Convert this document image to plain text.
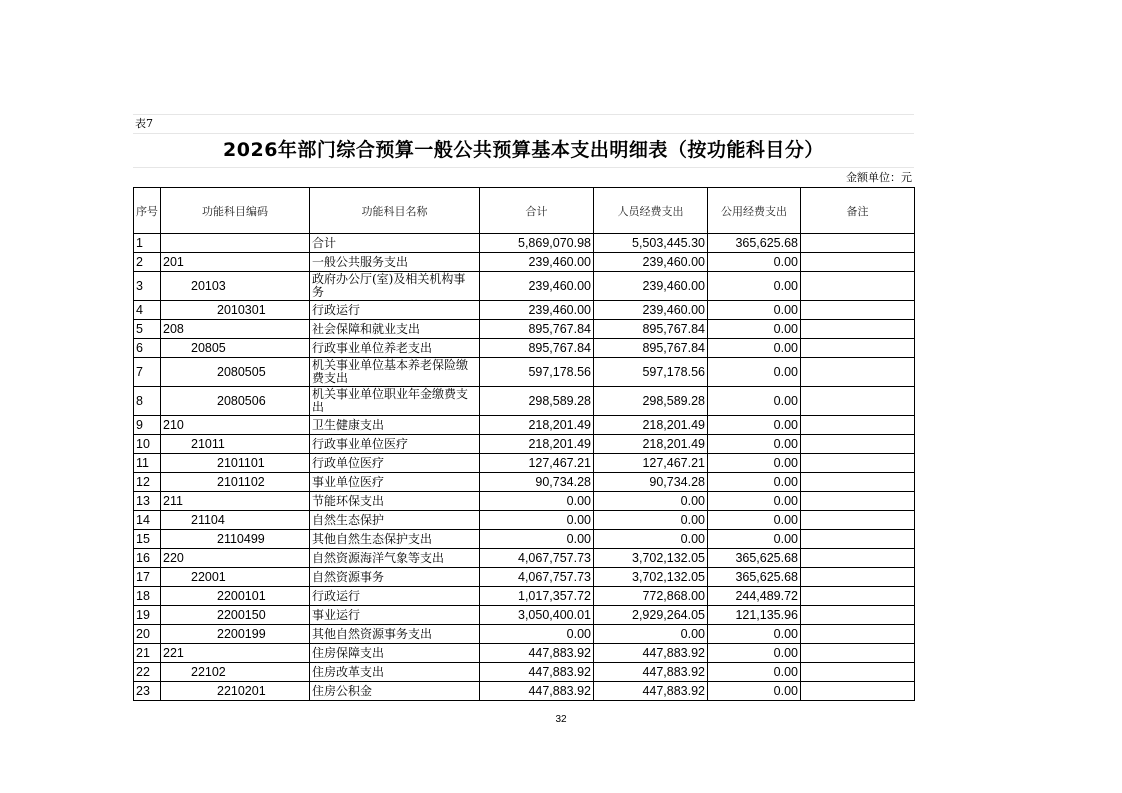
表7
2026年部门综合预算一般公共预算基本支出明细表（按功能科目分）
金额单位：元
序号	功能科目编码	功能科目名称	合计	人员经费支出	公用经费支出	备注
1		合计	5,869,070.98	5,503,445.30	365,625.68	
2	201	一般公共服务支出	239,460.00	239,460.00	0.00	
3	20103	政府办公厅(室)及相关机构事务	239,460.00	239,460.00	0.00	
4	2010301	行政运行	239,460.00	239,460.00	0.00	
5	208	社会保障和就业支出	895,767.84	895,767.84	0.00	
6	20805	行政事业单位养老支出	895,767.84	895,767.84	0.00	
7	2080505	机关事业单位基本养老保险缴费支出	597,178.56	597,178.56	0.00	
8	2080506	机关事业单位职业年金缴费支出	298,589.28	298,589.28	0.00	
9	210	卫生健康支出	218,201.49	218,201.49	0.00	
10	21011	行政事业单位医疗	218,201.49	218,201.49	0.00	
11	2101101	行政单位医疗	127,467.21	127,467.21	0.00	
12	2101102	事业单位医疗	90,734.28	90,734.28	0.00	
13	211	节能环保支出	0.00	0.00	0.00	
14	21104	自然生态保护	0.00	0.00	0.00	
15	2110499	其他自然生态保护支出	0.00	0.00	0.00	
16	220	自然资源海洋气象等支出	4,067,757.73	3,702,132.05	365,625.68	
17	22001	自然资源事务	4,067,757.73	3,702,132.05	365,625.68	
18	2200101	行政运行	1,017,357.72	772,868.00	244,489.72	
19	2200150	事业运行	3,050,400.01	2,929,264.05	121,135.96	
20	2200199	其他自然资源事务支出	0.00	0.00	0.00	
21	221	住房保障支出	447,883.92	447,883.92	0.00	
22	22102	住房改革支出	447,883.92	447,883.92	0.00	
23	2210201	住房公积金	447,883.92	447,883.92	0.00	
32
